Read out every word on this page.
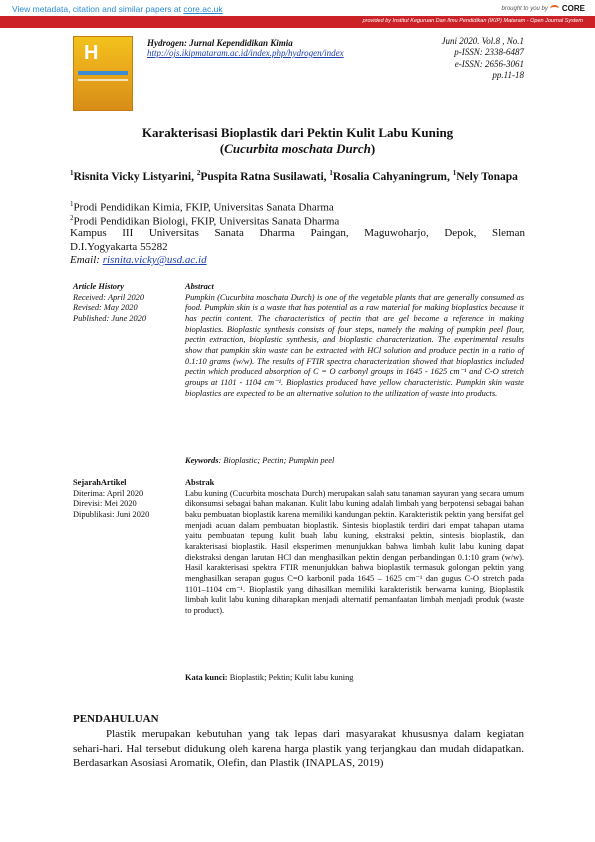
View metadata, citation and similar papers at core.ac.uk	brought to you by CORE
provided by Institut Keguruan Dan Ilmu Pendidikan (IKIP) Mataram - Open Journal System
H	Hydrogen: Jurnal Kependidikan Kimia
http://ojs.ikipmataram.ac.id/index.php/hydrogen/index
Juni 2020. Vol.8 , No.1
p-ISSN: 2338-6487
e-ISSN: 2656-3061
pp.11-18
Karakterisasi Bioplastik dari Pektin Kulit Labu Kuning
(Cucurbita moschata Durch)
$^1$Risnita Vicky Listyarini, $^2$Puspita Ratna Susilawati, $^1$Rosalia Cahyaningrum, $^1$Nely Tonapa
$^1$Prodi Pendidikan Kimia, FKIP, Universitas Sanata Dharma
$^2$Prodi Pendidikan Biologi, FKIP, Universitas Sanata Dharma
Kampus III Universitas Sanata Dharma Paingan, Maguwoharjo, Depok, Sleman
D.I.Yogyakarta 55282
Email: risnita.vicky@usd.ac.id
Article History
Received: April 2020
Revised: May 2020
Published: June 2020
Abstract

Pumpkin (Cucurbita moschata Durch) is one of the vegetable plants that are generally consumed as food. Pumpkin skin is a waste that has potential as a raw material for making bioplastics because it has pectin content. The characteristics of pectin that are gel become a reference in making bioplastics. Bioplastic synthesis consists of four steps, namely the making of pumpkin peel flour, pectin extraction, bioplastic synthesis, and bioplastic characterization. The experimental results show that pumpkin skin waste can be extracted with HCl solution and produce pectin in a ratio of 0.1:10 grams (w/w). The results of FTIR spectra characterization showed that bioplastics included pectin which produced absorption of C = O carbonyl groups in 1645 - 1625 cm⁻¹ and C-O stretch groups at 1101 - 1104 cm⁻¹. Bioplastics produced have yellow characteristic. Pumpkin skin waste bioplastics are expected to be an alternative solution to the utilization of waste into products.

Keywords: Bioplastic; Pectin; Pumpkin peel
SejarahArtikel
Diterima: April 2020
Direvisi: Mei 2020
Dipublikasi: Juni 2020
Abstrak

Labu kuning (Cucurbita moschata Durch) merupakan salah satu tanaman sayuran yang secara umum dikonsumsi sebagai bahan makanan. Kulit labu kuning adalah limbah yang berpotensi sebagai bahan baku pembuatan bioplastik karena memiliki kandungan pektin. Karakteristik pektin yang bersifat gel menjadi acuan dalam pembuatan bioplastik. Sintesis bioplastik terdiri dari empat tahapan utama yaitu pembuatan tepung kulit buah labu kuning, ekstraksi pektin, sintesis bioplastik, dan karakterisasi bioplastik. Hasil eksperimen menunjukkan bahwa limbah kulit labu kuning dapat diekstraksi dengan larutan HCl dan menghasilkan pektin dengan perbandingan 0.1:10 gram (w/w). Hasil karakterisasi spektra FTIR menunjukkan bahwa bioplastik termasuk golongan pektin yang menghasilkan serapan gugus C=O karbonil pada 1645 – 1625 cm⁻¹ dan gugus C-O stretch pada 1101–1104 cm⁻¹. Bioplastik yang dihasilkan memiliki karakteristik berwarna kuning. Bioplastik limbah kulit labu kuning diharapkan menjadi alternatif pemanfaatan limbah menjadi produk (waste to product).

Kata kunci: Bioplastik; Pektin; Kulit labu kuning
PENDAHULUAN

Plastik merupakan kebutuhan yang tak lepas dari masyarakat khususnya dalam kegiatan sehari-hari. Hal tersebut didukung oleh karena harga plastik yang terjangkau dan mudah didapatkan. Berdasarkan Asosiasi Aromatik, Olefin, dan Plastik (INAPLAS, 2019)
